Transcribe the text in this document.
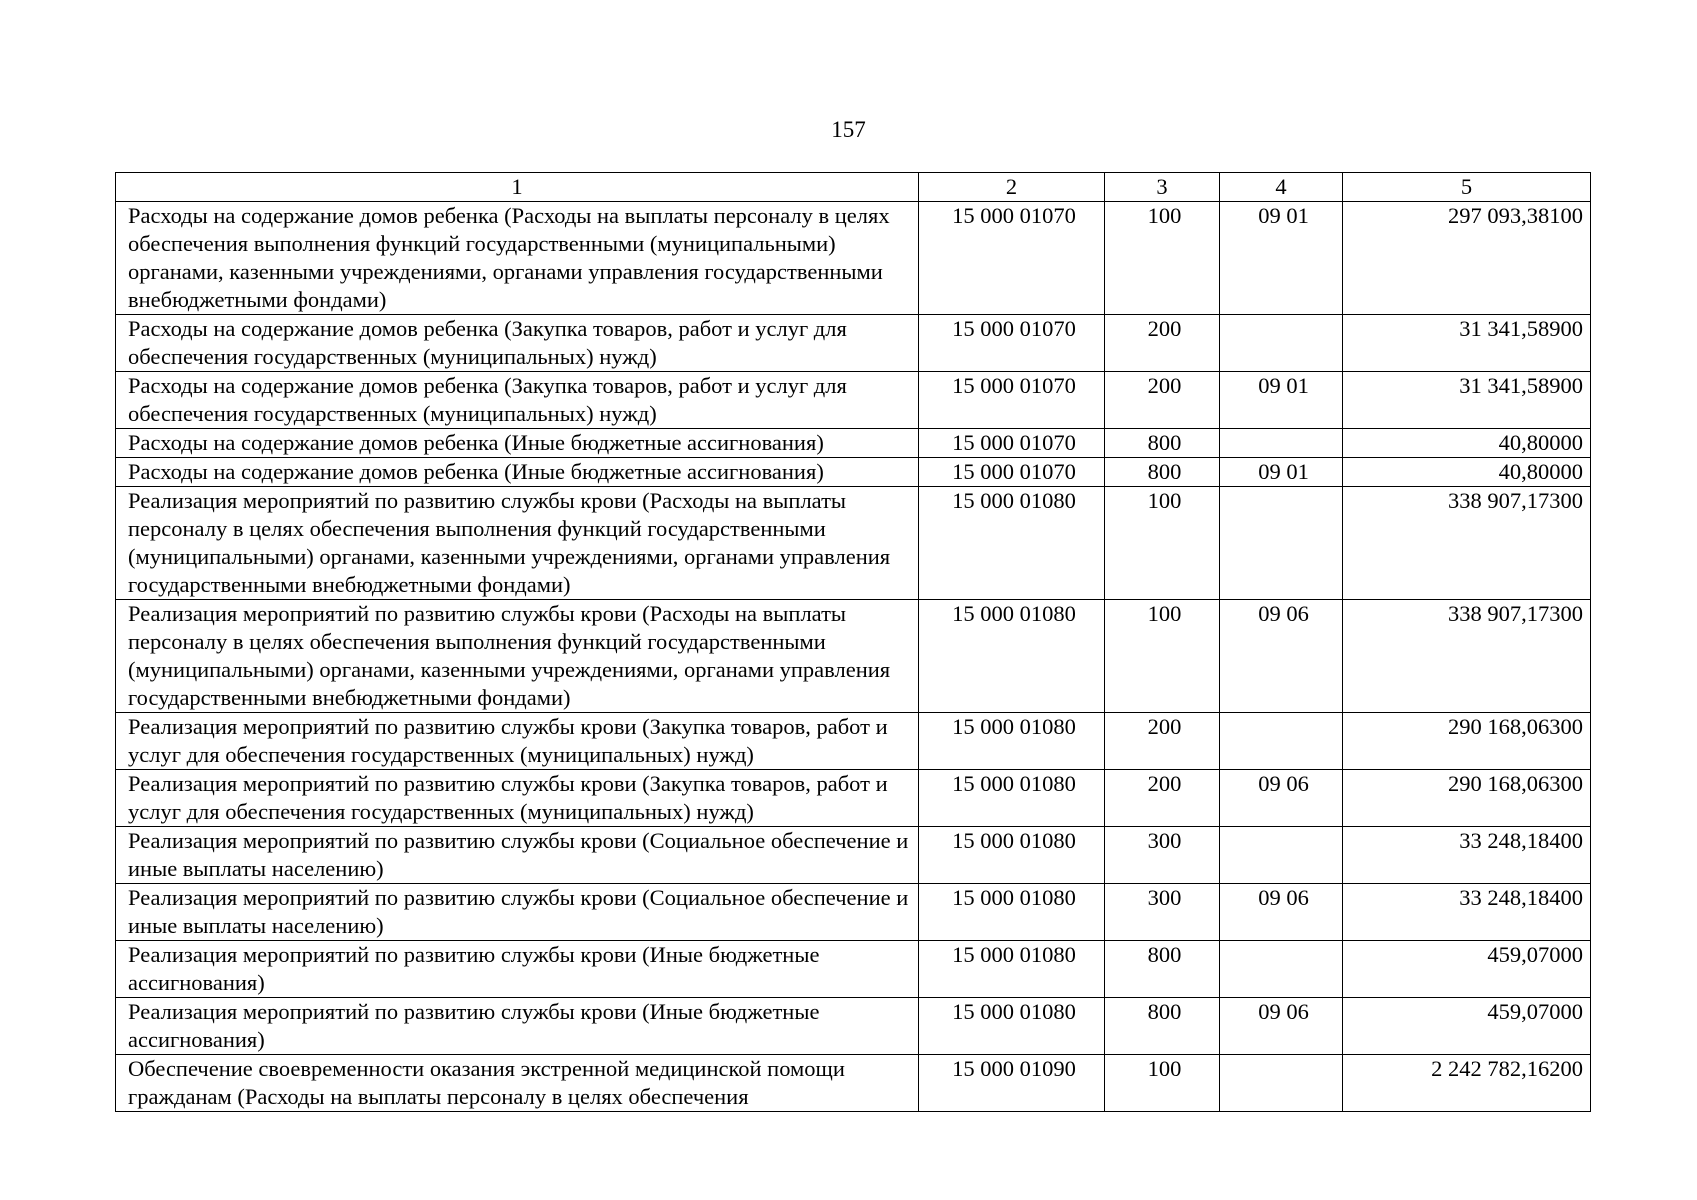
157
1	2	3	4	5
Расходы на содержание домов ребенка (Расходы на выплаты персоналу в целях обеспечения выполнения функций государственными (муниципальными) органами, казенными учреждениями, органами управления государственными внебюджетными фондами)	15 000 01070	100	09 01	297 093,38100
Расходы на содержание домов ребенка (Закупка товаров, работ и услуг для обеспечения государственных (муниципальных) нужд)	15 000 01070	200		31 341,58900
Расходы на содержание домов ребенка (Закупка товаров, работ и услуг для обеспечения государственных (муниципальных) нужд)	15 000 01070	200	09 01	31 341,58900
Расходы на содержание домов ребенка (Иные бюджетные ассигнования)	15 000 01070	800		40,80000
Расходы на содержание домов ребенка (Иные бюджетные ассигнования)	15 000 01070	800	09 01	40,80000
Реализация мероприятий по развитию службы крови (Расходы на выплаты персоналу в целях обеспечения выполнения функций государственными (муниципальными) органами, казенными учреждениями, органами управления государственными внебюджетными фондами)	15 000 01080	100		338 907,17300
Реализация мероприятий по развитию службы крови (Расходы на выплаты персоналу в целях обеспечения выполнения функций государственными (муниципальными) органами, казенными учреждениями, органами управления государственными внебюджетными фондами)	15 000 01080	100	09 06	338 907,17300
Реализация мероприятий по развитию службы крови (Закупка товаров, работ и услуг для обеспечения государственных (муниципальных) нужд)	15 000 01080	200		290 168,06300
Реализация мероприятий по развитию службы крови (Закупка товаров, работ и услуг для обеспечения государственных (муниципальных) нужд)	15 000 01080	200	09 06	290 168,06300
Реализация мероприятий по развитию службы крови (Социальное обеспечение и иные выплаты населению)	15 000 01080	300		33 248,18400
Реализация мероприятий по развитию службы крови (Социальное обеспечение и иные выплаты населению)	15 000 01080	300	09 06	33 248,18400
Реализация мероприятий по развитию службы крови (Иные бюджетные ассигнования)	15 000 01080	800		459,07000
Реализация мероприятий по развитию службы крови (Иные бюджетные ассигнования)	15 000 01080	800	09 06	459,07000
Обеспечение своевременности оказания экстренной медицинской помощи гражданам (Расходы на выплаты персоналу в целях обеспечения	15 000 01090	100		2 242 782,16200
